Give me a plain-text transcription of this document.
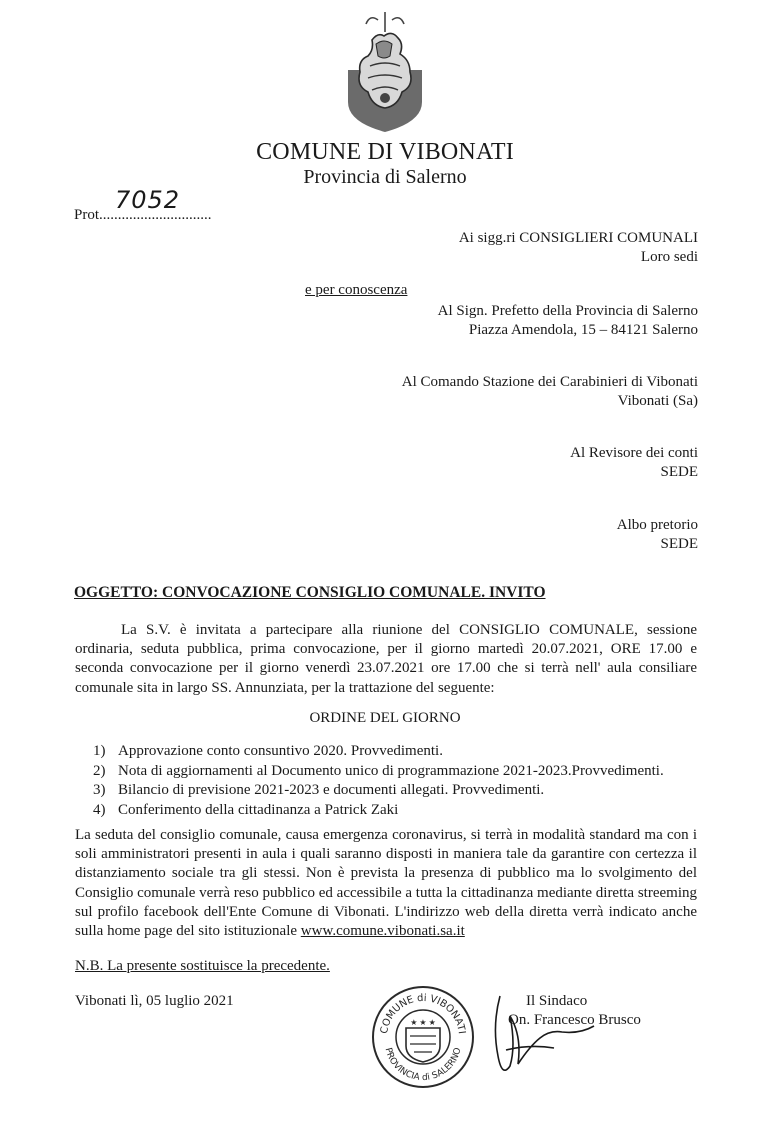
COMUNE DI VIBONATI
Provincia di Salerno
Prot..............................
7052
Ai sigg.ri CONSIGLIERI COMUNALI
Loro sedi
e per conoscenza
Al Sign. Prefetto della Provincia di Salerno
Piazza Amendola, 15 – 84121 Salerno
Al Comando Stazione dei Carabinieri di Vibonati
Vibonati (Sa)
Al Revisore dei conti
SEDE
Albo pretorio
SEDE
OGGETTO: CONVOCAZIONE CONSIGLIO COMUNALE. INVITO
La S.V. è invitata a partecipare alla riunione del CONSIGLIO COMUNALE, sessione ordinaria, seduta pubblica, prima convocazione, per il giorno martedì 20.07.2021, ORE 17.00 e seconda convocazione per il giorno venerdì 23.07.2021 ore 17.00 che si terrà nell' aula consiliare comunale sita in largo SS. Annunziata, per la trattazione del seguente:
ORDINE DEL GIORNO
1) Approvazione conto consuntivo 2020. Provvedimenti.
2) Nota di aggiornamenti al Documento unico di programmazione 2021-2023.Provvedimenti.
3) Bilancio di previsione 2021-2023 e documenti allegati. Provvedimenti.
4) Conferimento della cittadinanza a Patrick Zaki
La seduta del consiglio comunale, causa emergenza coronavirus, si terrà in modalità standard ma con i soli amministratori presenti in aula i quali saranno disposti in maniera tale da garantire con certezza il distanziamento sociale tra gli stessi. Non è prevista la presenza di pubblico ma lo svolgimento del Consiglio comunale verrà reso pubblico ed accessibile a tutta la cittadinanza mediante diretta streeming sul profilo facebook dell'Ente Comune di Vibonati. L'indirizzo web della diretta verrà indicato anche sulla home page del sito istituzionale www.comune.vibonati.sa.it
N.B. La presente sostituisce la precedente.
Vibonati lì, 05 luglio 2021
COMUNE di VIBONATI
PROVINCIA di SALERNO
★ ★ ★
Il Sindaco
On. Francesco Brusco
